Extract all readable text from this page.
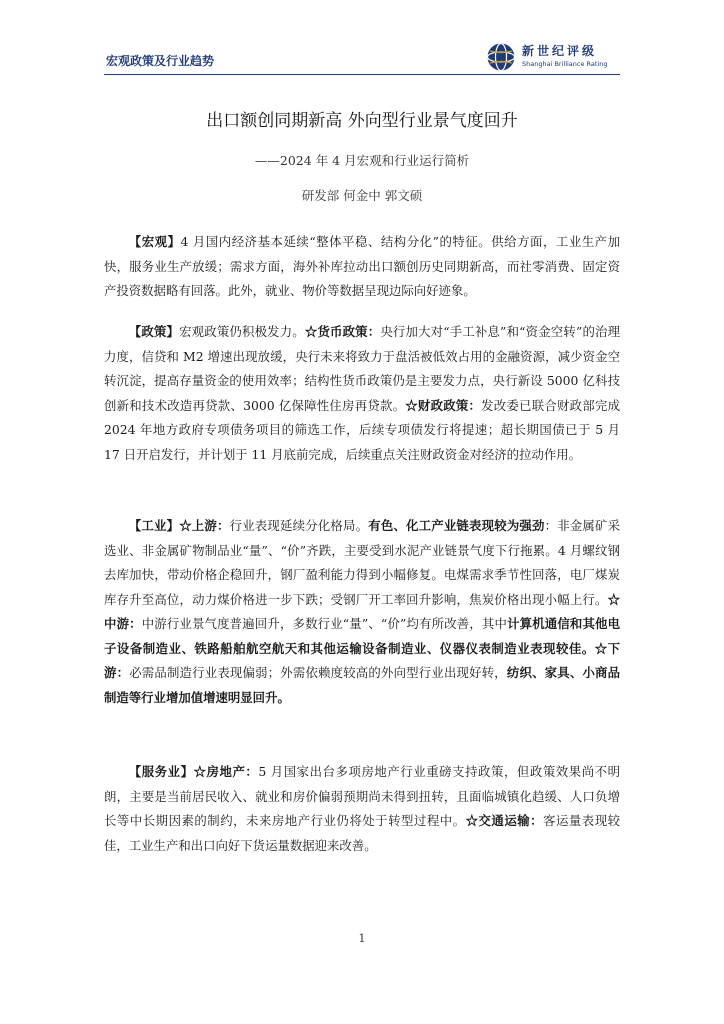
宏观政策及行业趋势
新世纪评级
Shanghai Brilliance Rating
出口额创同期新高 外向型行业景气度回升
——2024 年 4 月宏观和行业运行简析
研发部 何金中 郭文硕

【宏观】4 月国内经济基本延续“整体平稳、结构分化”的特征。供给方面，工业生产加快，服务业生产放缓；需求方面，海外补库拉动出口额创历史同期新高，而社零消费、固定资产投资数据略有回落。此外，就业、物价等数据呈现边际向好迹象。

【政策】宏观政策仍积极发力。☆货币政策：央行加大对“手工补息”和“资金空转”的治理力度，信贷和 M2 增速出现放缓，央行未来将致力于盘活被低效占用的金融资源，减少资金空转沉淀，提高存量资金的使用效率；结构性货币政策仍是主要发力点，央行新设 5000 亿科技创新和技术改造再贷款、3000 亿保障性住房再贷款。☆财政政策：发改委已联合财政部完成 2024 年地方政府专项债务项目的筛选工作，后续专项债发行将提速；超长期国债已于 5 月 17 日开启发行，并计划于 11 月底前完成，后续重点关注财政资金对经济的拉动作用。

【工业】☆上游：行业表现延续分化格局。有色、化工产业链表现较为强劲：非金属矿采选业、非金属矿物制品业“量”、“价”齐跌，主要受到水泥产业链景气度下行拖累。4 月螺纹钢去库加快，带动价格企稳回升，钢厂盈利能力得到小幅修复。电煤需求季节性回落，电厂煤炭库存升至高位，动力煤价格进一步下跌；受钢厂开工率回升影响，焦炭价格出现小幅上行。☆中游：中游行业景气度普遍回升，多数行业“量”、“价”均有所改善，其中计算机通信和其他电子设备制造业、铁路船舶航空航天和其他运输设备制造业、仪器仪表制造业表现较佳。☆下游：必需品制造行业表现偏弱；外需依赖度较高的外向型行业出现好转，纺织、家具、小商品制造等行业增加值增速明显回升。

【服务业】☆房地产：5 月国家出台多项房地产行业重磅支持政策，但政策效果尚不明朗，主要是当前居民收入、就业和房价偏弱预期尚未得到扭转，且面临城镇化趋缓、人口负增长等中长期因素的制约，未来房地产行业仍将处于转型过程中。☆交通运输：客运量表现较佳，工业生产和出口向好下货运量数据迎来改善。

1
